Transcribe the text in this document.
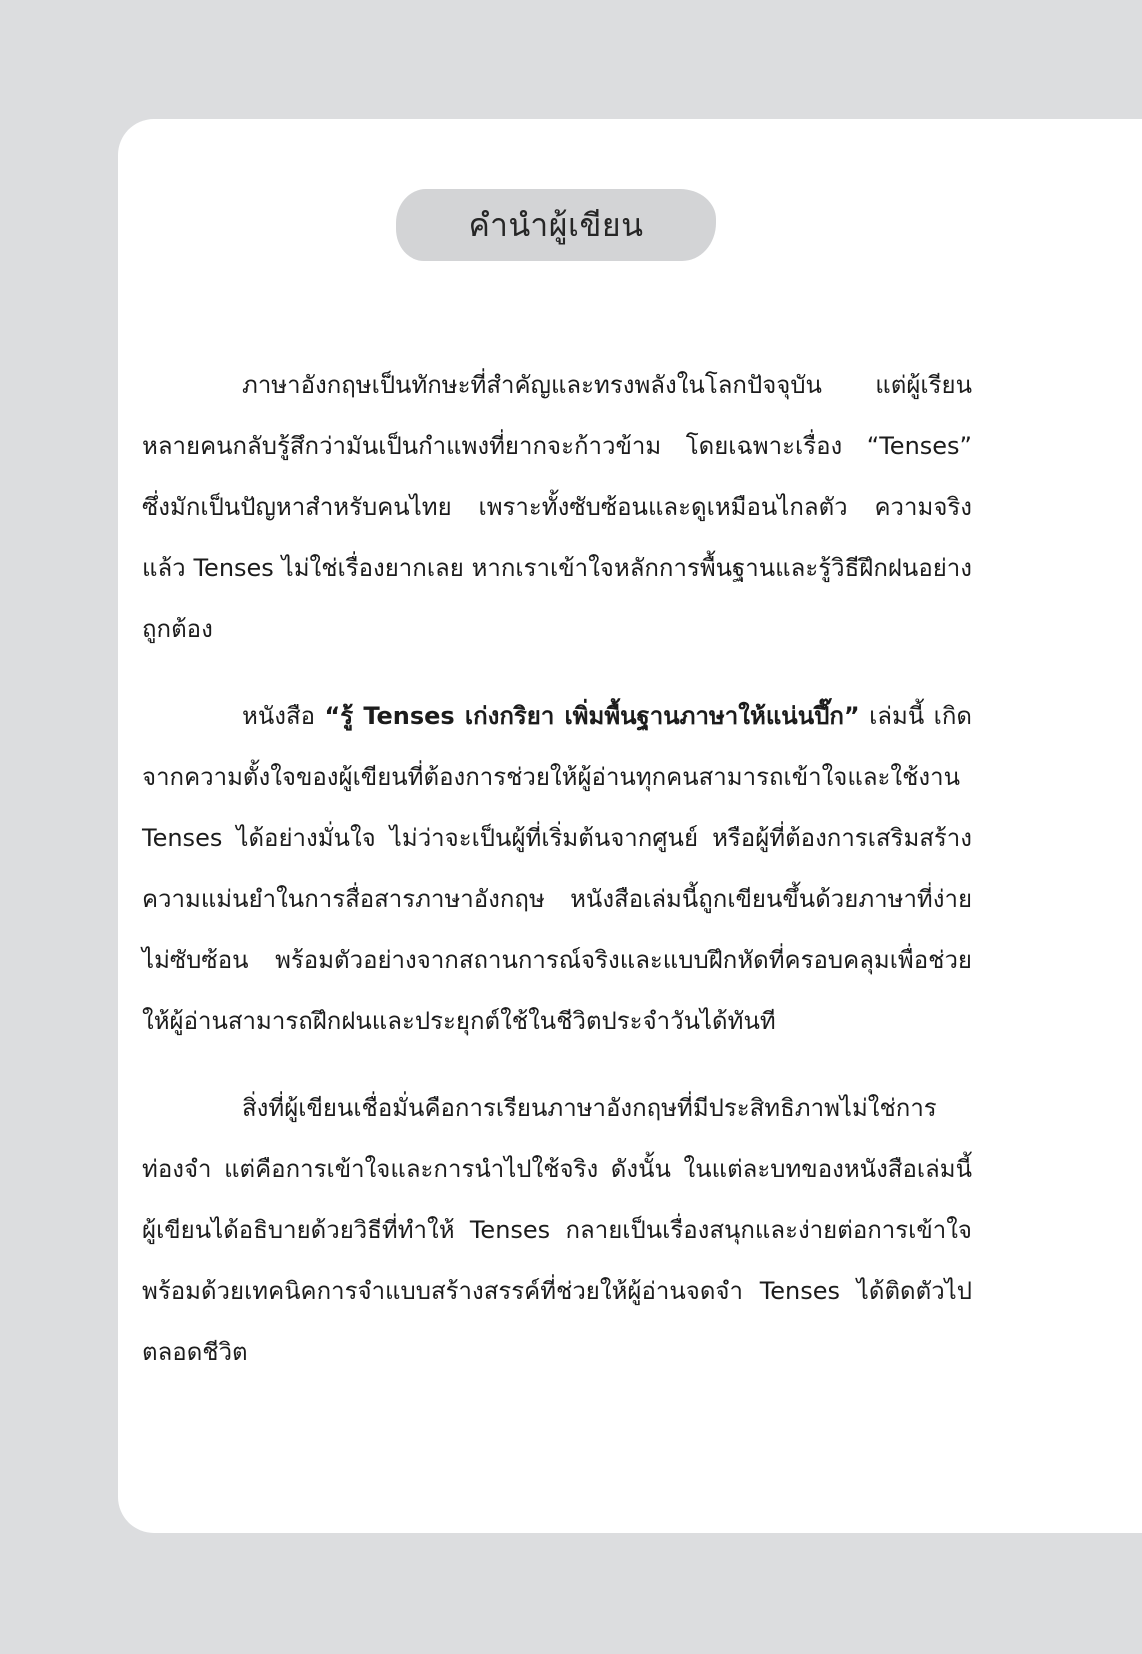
คำนำผู้เขียน

ภาษาอังกฤษเป็นทักษะที่สำคัญและทรงพลังในโลกปัจจุบัน แต่ผู้เรียนหลายคนกลับรู้สึกว่ามันเป็นกำแพงที่ยากจะก้าวข้าม โดยเฉพาะเรื่อง “Tenses” ซึ่งมักเป็นปัญหาสำหรับคนไทย เพราะทั้งซับซ้อนและดูเหมือนไกลตัว ความจริงแล้ว Tenses ไม่ใช่เรื่องยากเลย หากเราเข้าใจหลักการพื้นฐานและรู้วิธีฝึกฝนอย่างถูกต้อง

หนังสือ “รู้ Tenses เก่งกริยา เพิ่มพื้นฐานภาษาให้แน่นปึ๊ก” เล่มนี้ เกิดจากความตั้งใจของผู้เขียนที่ต้องการช่วยให้ผู้อ่านทุกคนสามารถเข้าใจและใช้งาน Tenses ได้อย่างมั่นใจ ไม่ว่าจะเป็นผู้ที่เริ่มต้นจากศูนย์ หรือผู้ที่ต้องการเสริมสร้างความแม่นยำในการสื่อสารภาษาอังกฤษ หนังสือเล่มนี้ถูกเขียนขึ้นด้วยภาษาที่ง่าย ไม่ซับซ้อน พร้อมตัวอย่างจากสถานการณ์จริงและแบบฝึกหัดที่ครอบคลุมเพื่อช่วยให้ผู้อ่านสามารถฝึกฝนและประยุกต์ใช้ในชีวิตประจำวันได้ทันที

สิ่งที่ผู้เขียนเชื่อมั่นคือการเรียนภาษาอังกฤษที่มีประสิทธิภาพไม่ใช่การท่องจำ แต่คือการเข้าใจและการนำไปใช้จริง ดังนั้น ในแต่ละบทของหนังสือเล่มนี้ ผู้เขียนได้อธิบายด้วยวิธีที่ทำให้ Tenses กลายเป็นเรื่องสนุกและง่ายต่อการเข้าใจ พร้อมด้วยเทคนิคการจำแบบสร้างสรรค์ที่ช่วยให้ผู้อ่านจดจำ Tenses ได้ติดตัวไปตลอดชีวิต
